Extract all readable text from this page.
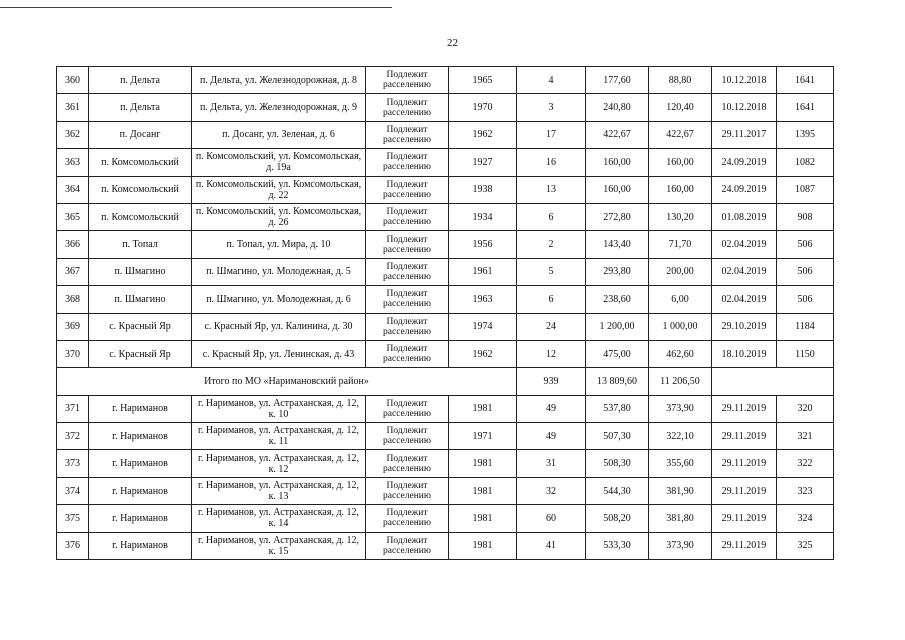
22
360	п. Дельта	п. Дельта, ул. Железнодорожная, д. 8	Подлежит расселению	1965	4	177,60	88,80	10.12.2018	1641
361	п. Дельта	п. Дельта, ул. Железнодорожная, д. 9	Подлежит расселению	1970	3	240,80	120,40	10.12.2018	1641
362	п. Досанг	п. Досанг, ул. Зеленая, д. 6	Подлежит расселению	1962	17	422,67	422,67	29.11.2017	1395
363	п. Комсомольский	п. Комсомольский, ул. Комсомольская, д. 19а	Подлежит расселению	1927	16	160,00	160,00	24.09.2019	1082
364	п. Комсомольский	п. Комсомольский, ул. Комсомольская, д. 22	Подлежит расселению	1938	13	160,00	160,00	24.09.2019	1087
365	п. Комсомольский	п. Комсомольский, ул. Комсомольская, д. 26	Подлежит расселению	1934	6	272,80	130,20	01.08.2019	908
366	п. Топал	п. Топал, ул. Мира, д. 10	Подлежит расселению	1956	2	143,40	71,70	02.04.2019	506
367	п. Шмагино	п. Шмагино, ул. Молодежная, д. 5	Подлежит расселению	1961	5	293,80	200,00	02.04.2019	506
368	п. Шмагино	п. Шмагино, ул. Молодежная, д. 6	Подлежит расселению	1963	6	238,60	6,00	02.04.2019	506
369	с. Красный Яр	с. Красный Яр, ул. Калинина, д. 30	Подлежит расселению	1974	24	1 200,00	1 000,00	29.10.2019	1184
370	с. Красный Яр	с. Красный Яр, ул. Ленинская, д. 43	Подлежит расселению	1962	12	475,00	462,60	18.10.2019	1150
Итого по МО «Наримановский район»					939	13 809,60	11 206,50		
371	г. Нариманов	г. Нариманов, ул. Астраханская, д. 12, к. 10	Подлежит расселению	1981	49	537,80	373,90	29.11.2019	320
372	г. Нариманов	г. Нариманов, ул. Астраханская, д. 12, к. 11	Подлежит расселению	1971	49	507,30	322,10	29.11.2019	321
373	г. Нариманов	г. Нариманов, ул. Астраханская, д. 12, к. 12	Подлежит расселению	1981	31	508,30	355,60	29.11.2019	322
374	г. Нариманов	г. Нариманов, ул. Астраханская, д. 12, к. 13	Подлежит расселению	1981	32	544,30	381,90	29.11.2019	323
375	г. Нариманов	г. Нариманов, ул. Астраханская, д. 12, к. 14	Подлежит расселению	1981	60	508,20	381,80	29.11.2019	324
376	г. Нариманов	г. Нариманов, ул. Астраханская, д. 12, к. 15	Подлежит расселению	1981	41	533,30	373,90	29.11.2019	325
